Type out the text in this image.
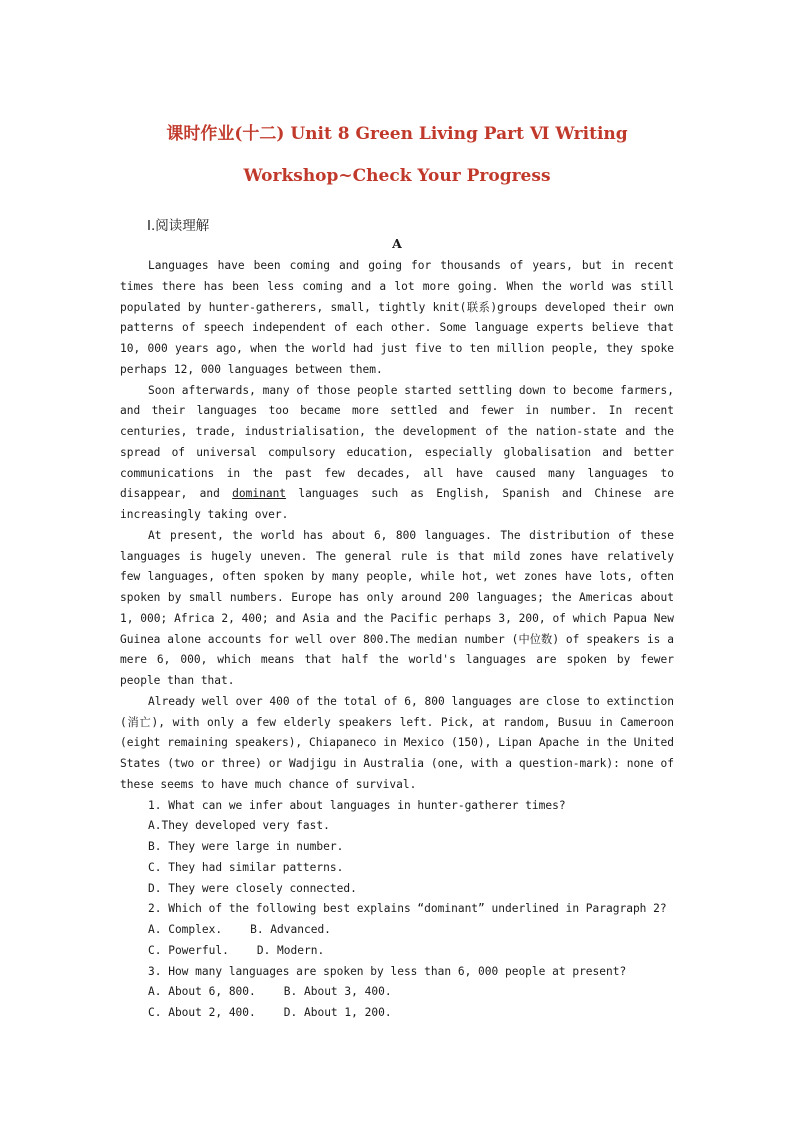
课时作业(十二) Unit 8 Green Living Part Ⅵ Writing

Workshop~Check Your Progress

Ⅰ.阅读理解
A

Languages have been coming and going for thousands of years, but in recent times there has been less coming and a lot more going. When the world was still populated by hunter-gatherers, small, tightly knit(联系)groups developed their own patterns of speech independent of each other. Some language experts believe that 10, 000 years ago, when the world had just five to ten million people, they spoke perhaps 12, 000 languages between them.

Soon afterwards, many of those people started settling down to become farmers, and their languages too became more settled and fewer in number. In recent centuries, trade, industrialisation, the development of the nation-state and the spread of universal compulsory education, especially globalisation and better communications in the past few decades, all have caused many languages to disappear, and dominant languages such as English, Spanish and Chinese are increasingly taking over.

At present, the world has about 6, 800 languages. The distribution of these languages is hugely uneven. The general rule is that mild zones have relatively few languages, often spoken by many people, while hot, wet zones have lots, often spoken by small numbers. Europe has only around 200 languages; the Americas about 1, 000; Africa 2, 400; and Asia and the Pacific perhaps 3, 200, of which Papua New Guinea alone accounts for well over 800.The median number (中位数) of speakers is a mere 6, 000, which means that half the world's languages are spoken by fewer people than that.

Already well over 400 of the total of 6, 800 languages are close to extinction (消亡), with only a few elderly speakers left. Pick, at random, Busuu in Cameroon (eight remaining speakers), Chiapaneco in Mexico (150), Lipan Apache in the United States (two or three) or Wadjigu in Australia (one, with a question-mark): none of these seems to have much chance of survival.

1. What can we infer about languages in hunter-gatherer times?

A.They developed very fast.

B. They were large in number.

C. They had similar patterns.

D. They were closely connected.

2. Which of the following best explains “dominant” underlined in Paragraph 2?

A. Complex.	B. Advanced.

C. Powerful.	D. Modern.

3. How many languages are spoken by less than 6, 000 people at present?

A. About 6, 800.	B. About 3, 400.

C. About 2, 400.	D. About 1, 200.
